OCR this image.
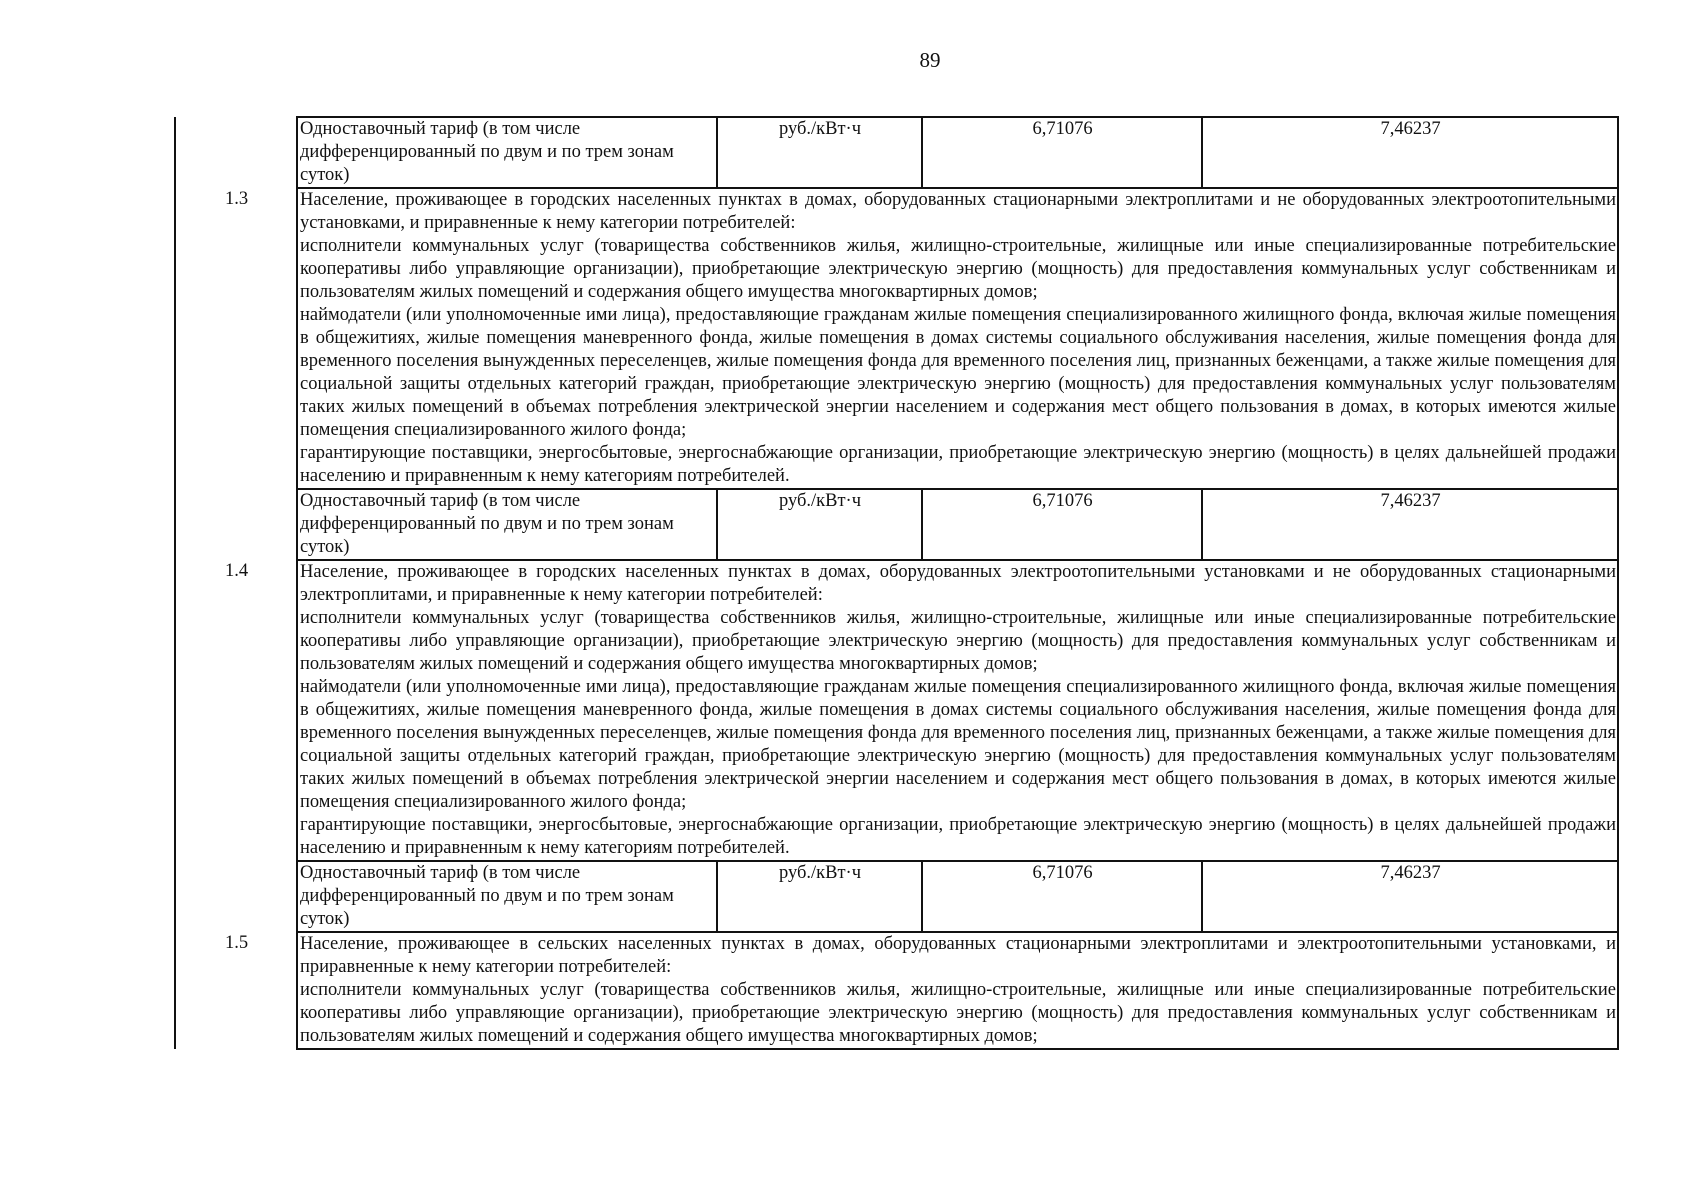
89
	Одноставочный тариф (в том числе дифференцированный по двум и по трем зонам суток)	руб./кВт·ч	6,71076	7,46237
1.3	Население, проживающее в городских населенных пунктах в домах, оборудованных стационарными электроплитами и не оборудованных электроотопительными установками, и приравненные к нему категории потребителей:

исполнители коммунальных услуг (товарищества собственников жилья, жилищно-строительные, жилищные или иные специализированные потребительские кооперативы либо управляющие организации), приобретающие электрическую энергию (мощность) для предоставления коммунальных услуг собственникам и пользователям жилых помещений и содержания общего имущества многоквартирных домов;

наймодатели (или уполномоченные ими лица), предоставляющие гражданам жилые помещения специализированного жилищного фонда, включая жилые помещения в общежитиях, жилые помещения маневренного фонда, жилые помещения в домах системы социального обслуживания населения, жилые помещения фонда для временного поселения вынужденных переселенцев, жилые помещения фонда для временного поселения лиц, признанных беженцами, а также жилые помещения для социальной защиты отдельных категорий граждан, приобретающие электрическую энергию (мощность) для предоставления коммунальных услуг пользователям таких жилых помещений в объемах потребления электрической энергии населением и содержания мест общего пользования в домах, в которых имеются жилые помещения специализированного жилого фонда;

гарантирующие поставщики, энергосбытовые, энергоснабжающие организации, приобретающие электрическую энергию (мощность) в целях дальнейшей продажи населению и приравненным к нему категориям потребителей.			

	Одноставочный тариф (в том числе дифференцированный по двум и по трем зонам суток)	руб./кВт·ч	6,71076	7,46237
1.4	Население, проживающее в городских населенных пунктах в домах, оборудованных электроотопительными установками и не оборудованных стационарными электроплитами, и приравненные к нему категории потребителей:

исполнители коммунальных услуг (товарищества собственников жилья, жилищно-строительные, жилищные или иные специализированные потребительские кооперативы либо управляющие организации), приобретающие электрическую энергию (мощность) для предоставления коммунальных услуг собственникам и пользователям жилых помещений и содержания общего имущества многоквартирных домов;

наймодатели (или уполномоченные ими лица), предоставляющие гражданам жилые помещения специализированного жилищного фонда, включая жилые помещения в общежитиях, жилые помещения маневренного фонда, жилые помещения в домах системы социального обслуживания населения, жилые помещения фонда для временного поселения вынужденных переселенцев, жилые помещения фонда для временного поселения лиц, признанных беженцами, а также жилые помещения для социальной защиты отдельных категорий граждан, приобретающие электрическую энергию (мощность) для предоставления коммунальных услуг пользователям таких жилых помещений в объемах потребления электрической энергии населением и содержания мест общего пользования в домах, в которых имеются жилые помещения специализированного жилого фонда;

гарантирующие поставщики, энергосбытовые, энергоснабжающие организации, приобретающие электрическую энергию (мощность) в целях дальнейшей продажи населению и приравненным к нему категориям потребителей.			

	Одноставочный тариф (в том числе дифференцированный по двум и по трем зонам суток)	руб./кВт·ч	6,71076	7,46237
1.5	Население, проживающее в сельских населенных пунктах в домах, оборудованных стационарными электроплитами и электроотопительными установками, и приравненные к нему категории потребителей:

исполнители коммунальных услуг (товарищества собственников жилья, жилищно-строительные, жилищные или иные специализированные потребительские кооперативы либо управляющие организации), приобретающие электрическую энергию (мощность) для предоставления коммунальных услуг собственникам и пользователям жилых помещений и содержания общего имущества многоквартирных домов;			
